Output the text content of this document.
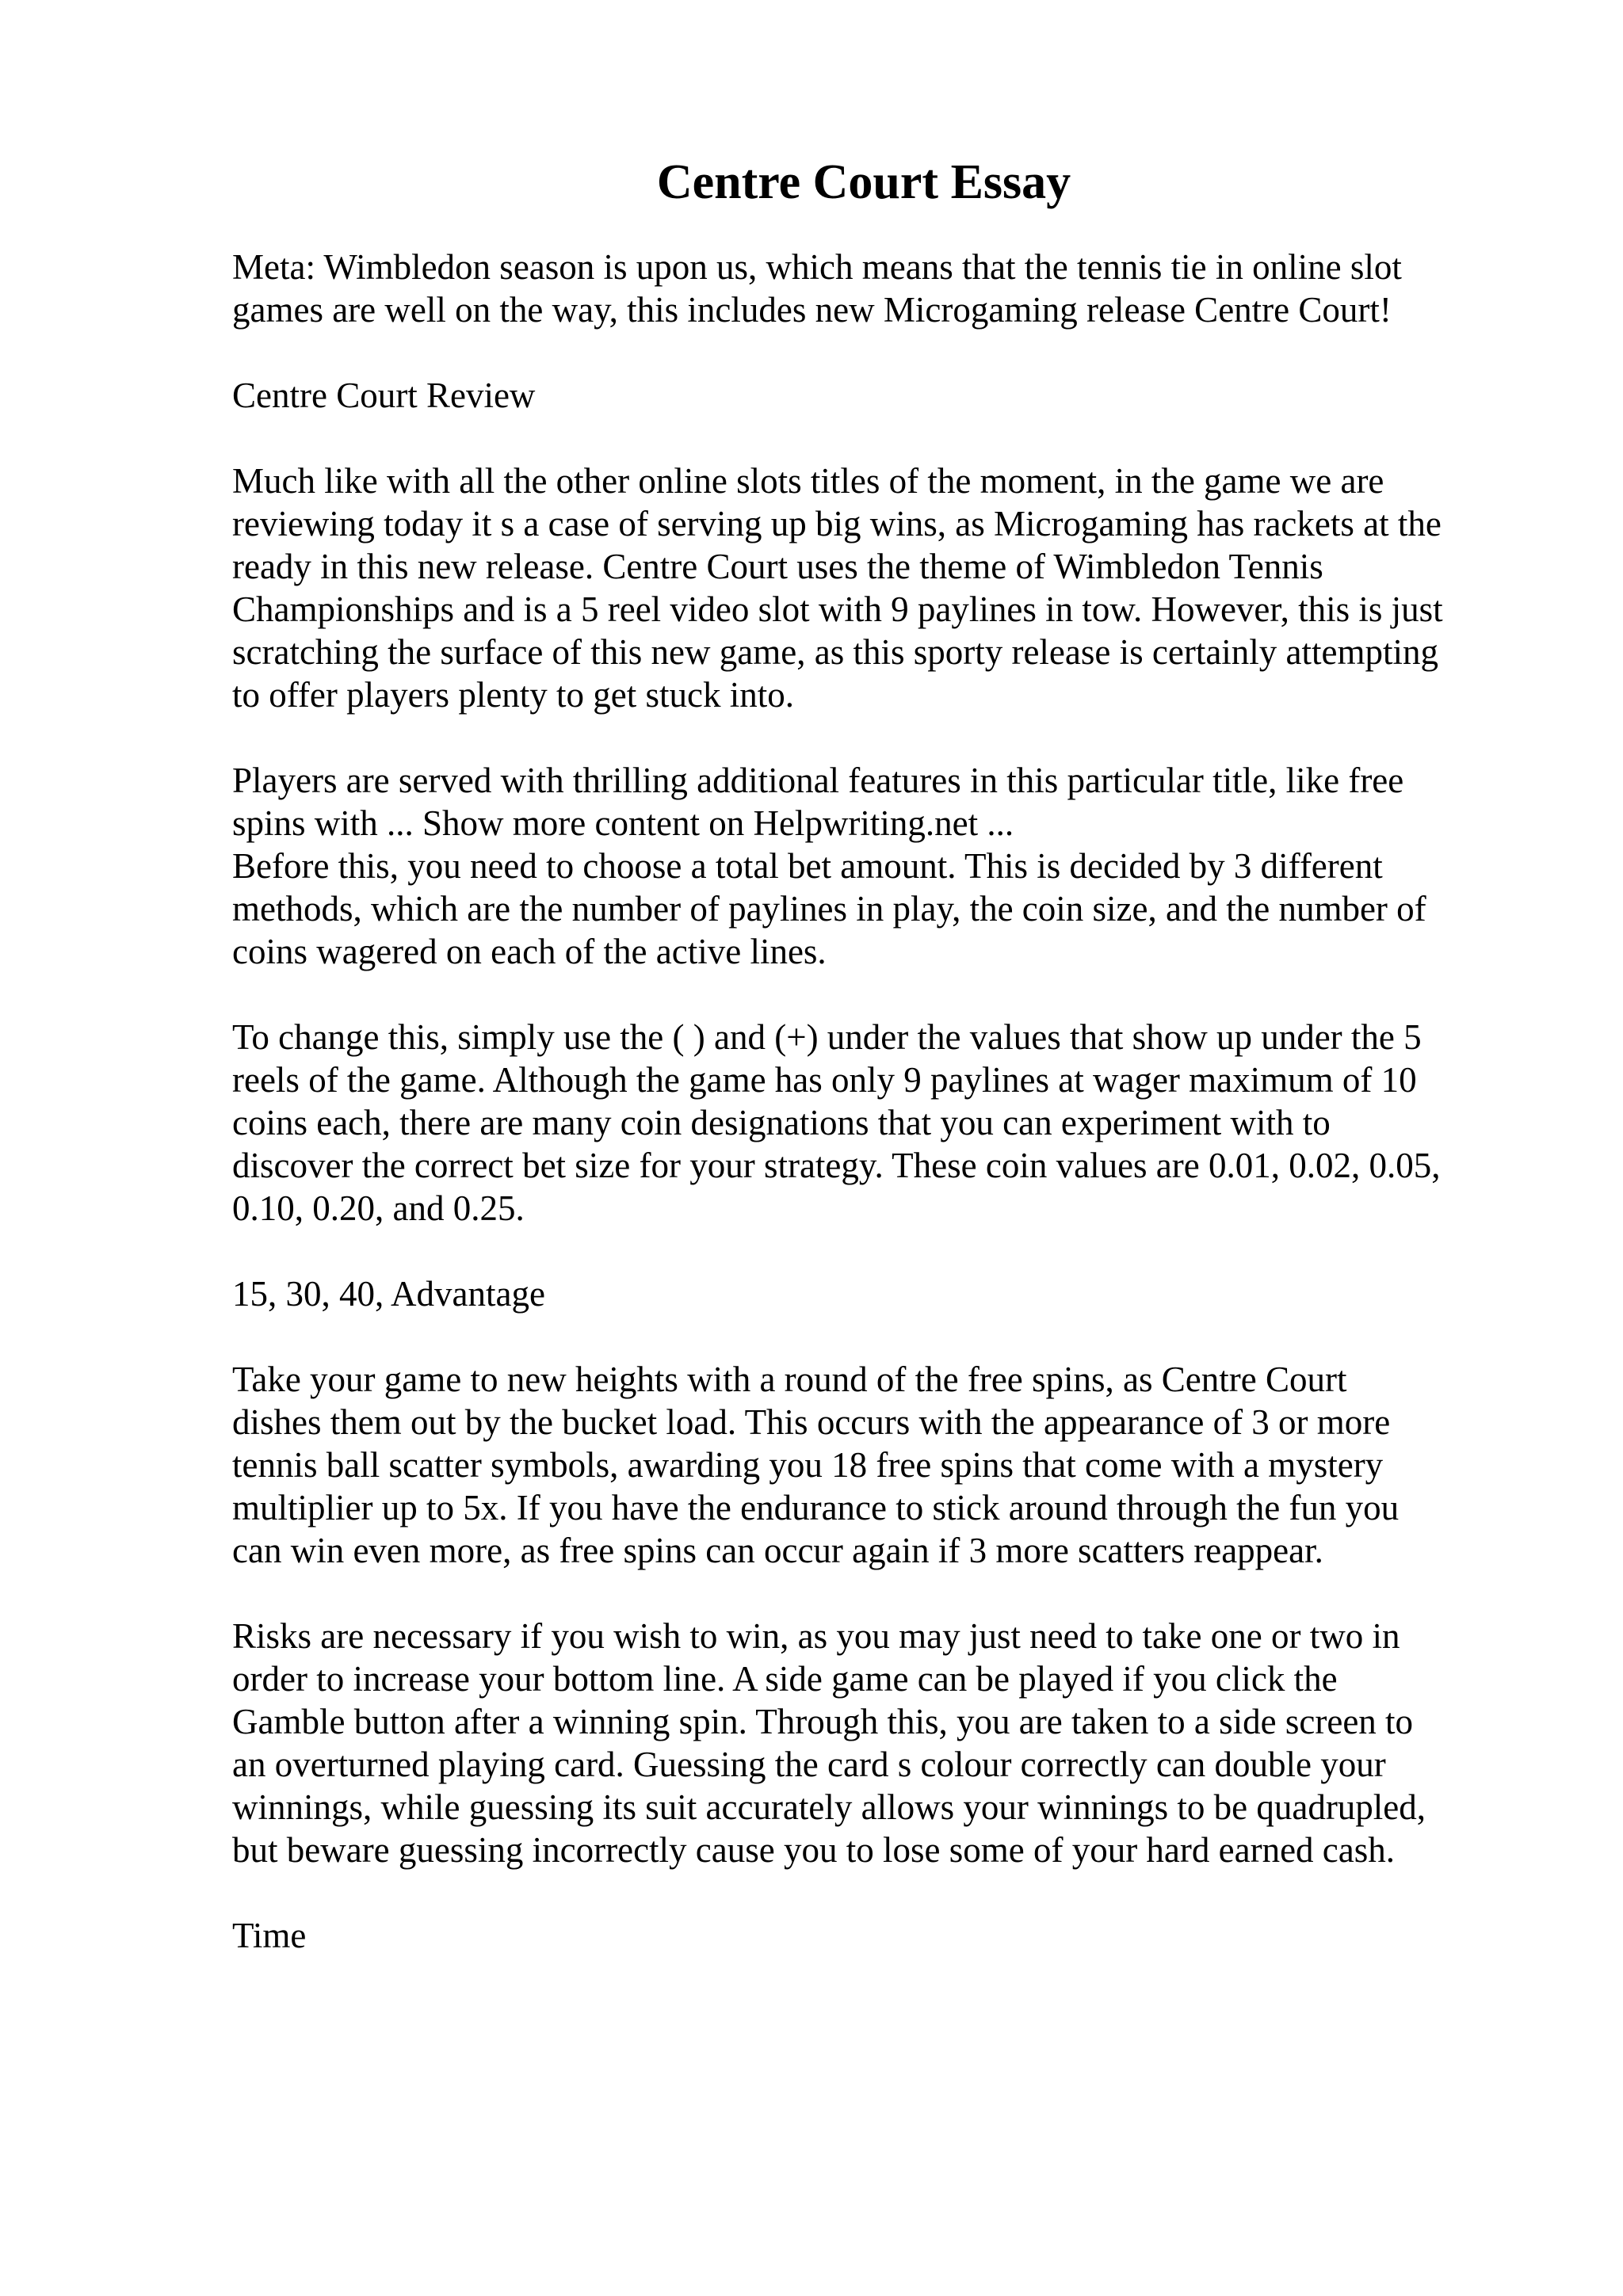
Centre Court Essay

Meta: Wimbledon season is upon us, which means that the tennis tie in online slot
games are well on the way, this includes new Microgaming release Centre Court!

Centre Court Review

Much like with all the other online slots titles of the moment, in the game we are
reviewing today it s a case of serving up big wins, as Microgaming has rackets at the
ready in this new release. Centre Court uses the theme of Wimbledon Tennis
Championships and is a 5 reel video slot with 9 paylines in tow. However, this is just
scratching the surface of this new game, as this sporty release is certainly attempting
to offer players plenty to get stuck into.

Players are served with thrilling additional features in this particular title, like free
spins with ... Show more content on Helpwriting.net ...

Before this, you need to choose a total bet amount. This is decided by 3 different
methods, which are the number of paylines in play, the coin size, and the number of
coins wagered on each of the active lines.

To change this, simply use the ( ) and (+) under the values that show up under the 5
reels of the game. Although the game has only 9 paylines at wager maximum of 10
coins each, there are many coin designations that you can experiment with to
discover the correct bet size for your strategy. These coin values are 0.01, 0.02, 0.05,
0.10, 0.20, and 0.25.

15, 30, 40, Advantage

Take your game to new heights with a round of the free spins, as Centre Court
dishes them out by the bucket load. This occurs with the appearance of 3 or more
tennis ball scatter symbols, awarding you 18 free spins that come with a mystery
multiplier up to 5x. If you have the endurance to stick around through the fun you
can win even more, as free spins can occur again if 3 more scatters reappear.

Risks are necessary if you wish to win, as you may just need to take one or two in
order to increase your bottom line. A side game can be played if you click the
Gamble button after a winning spin. Through this, you are taken to a side screen to
an overturned playing card. Guessing the card s colour correctly can double your
winnings, while guessing its suit accurately allows your winnings to be quadrupled,
but beware guessing incorrectly cause you to lose some of your hard earned cash.

Time
